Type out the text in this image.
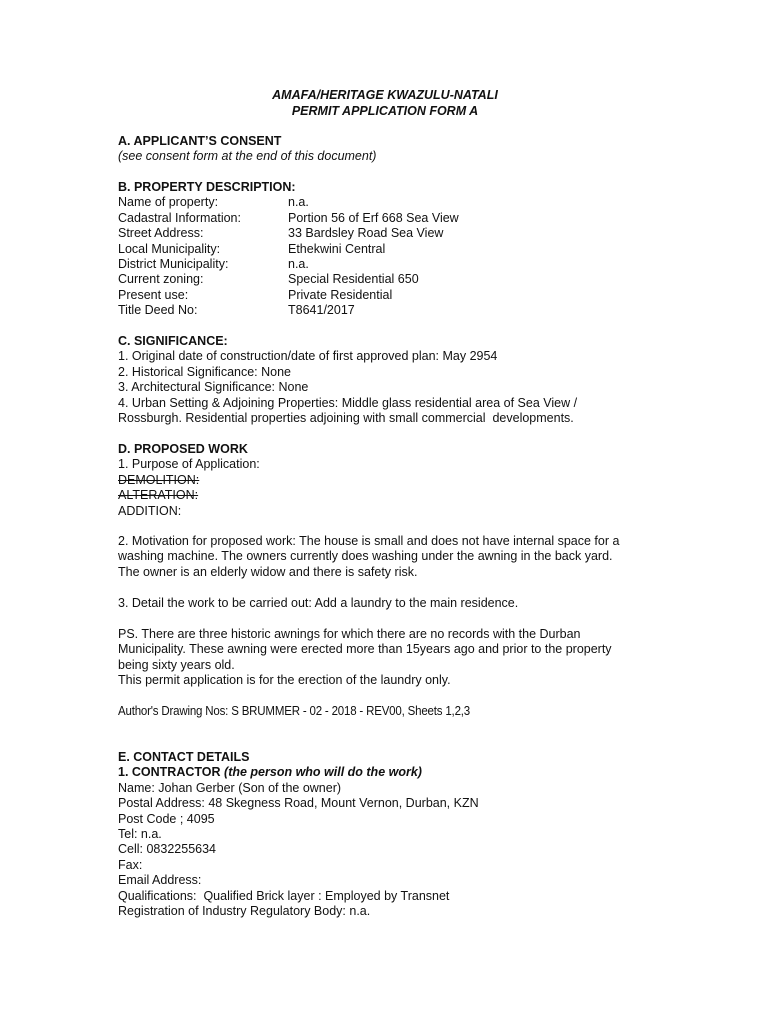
AMAFA/HERITAGE KWAZULU-NATALI
PERMIT APPLICATION FORM A
A. APPLICANT’S CONSENT
(see consent form at the end of this document)
B. PROPERTY DESCRIPTION:
Name of property:	n.a.
Cadastral Information:	Portion 56 of Erf 668 Sea View
Street Address:	33 Bardsley Road Sea View
Local Municipality:	Ethekwini Central
District Municipality:	n.a.
Current zoning:	Special Residential 650
Present use:	Private Residential
Title Deed No:	T8641/2017
C. SIGNIFICANCE:
1. Original date of construction/date of first approved plan: May 2954
2. Historical Significance: None
3. Architectural Significance: None
4. Urban Setting & Adjoining Properties: Middle glass residential area of Sea View /
Rossburgh. Residential properties adjoining with small commercial  developments.
D. PROPOSED WORK
1. Purpose of Application:
DEMOLITION:
ALTERATION:
ADDITION:
2. Motivation for proposed work: The house is small and does not have internal space for a
washing machine. The owners currently does washing under the awning in the back yard.
The owner is an elderly widow and there is safety risk.
3. Detail the work to be carried out: Add a laundry to the main residence.
PS. There are three historic awnings for which there are no records with the Durban
Municipality. These awning were erected more than 15years ago and prior to the property
being sixty years old.
This permit application is for the erection of the laundry only.
Author's Drawing Nos: S BRUMMER - 02 - 2018 - REV00, Sheets 1,2,3
E. CONTACT DETAILS
1. CONTRACTOR (the person who will do the work)
Name: Johan Gerber (Son of the owner)
Postal Address: 48 Skegness Road, Mount Vernon, Durban, KZN
Post Code ; 4095
Tel: n.a.
Cell: 0832255634
Fax:
Email Address:
Qualifications:  Qualified Brick layer : Employed by Transnet
Registration of Industry Regulatory Body: n.a.
